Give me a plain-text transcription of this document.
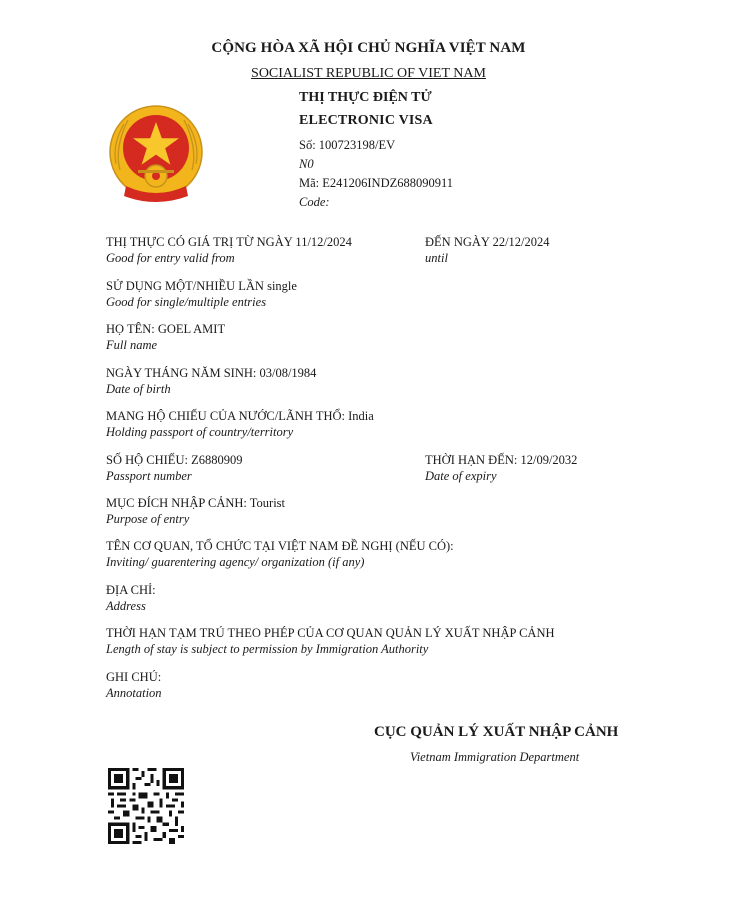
CỘNG HÒA XÃ HỘI CHỦ NGHĨA VIỆT NAM
SOCIALIST REPUBLIC OF VIET NAM
THỊ THỰC ĐIỆN TỬ
ELECTRONIC VISA
Số: 100723198/EV
N0
Mã: E241206INDZ688090911
Code:
THỊ THỰC CÓ GIÁ TRỊ TỪ NGÀY 11/12/2024
Good for entry valid from
ĐẾN NGÀY 22/12/2024
until
SỬ DỤNG MỘT/NHIỀU LẦN single
Good for single/multiple entries
HỌ TÊN: GOEL AMIT
Full name
NGÀY THÁNG NĂM SINH: 03/08/1984
Date of birth
MANG HỘ CHIẾU CỦA NƯỚC/LÃNH THỔ: India
Holding passport of country/territory
SỐ HỘ CHIẾU: Z6880909
Passport number
THỜI HẠN ĐẾN: 12/09/2032
Date of expiry
MỤC ĐÍCH NHẬP CẢNH: Tourist
Purpose of entry
TÊN CƠ QUAN, TỔ CHỨC TẠI VIỆT NAM ĐỀ NGHỊ (NẾU CÓ):
Inviting/ guarentering agency/ organization (if any)
ĐỊA CHỈ:
Address
THỜI HẠN TẠM TRÚ THEO PHÉP CỦA CƠ QUAN QUẢN LÝ XUẤT NHẬP CẢNH
Length of stay is subject to permission by Immigration Authority
GHI CHÚ:
Annotation
CỤC QUẢN LÝ XUẤT NHẬP CẢNH
Vietnam Immigration Department
